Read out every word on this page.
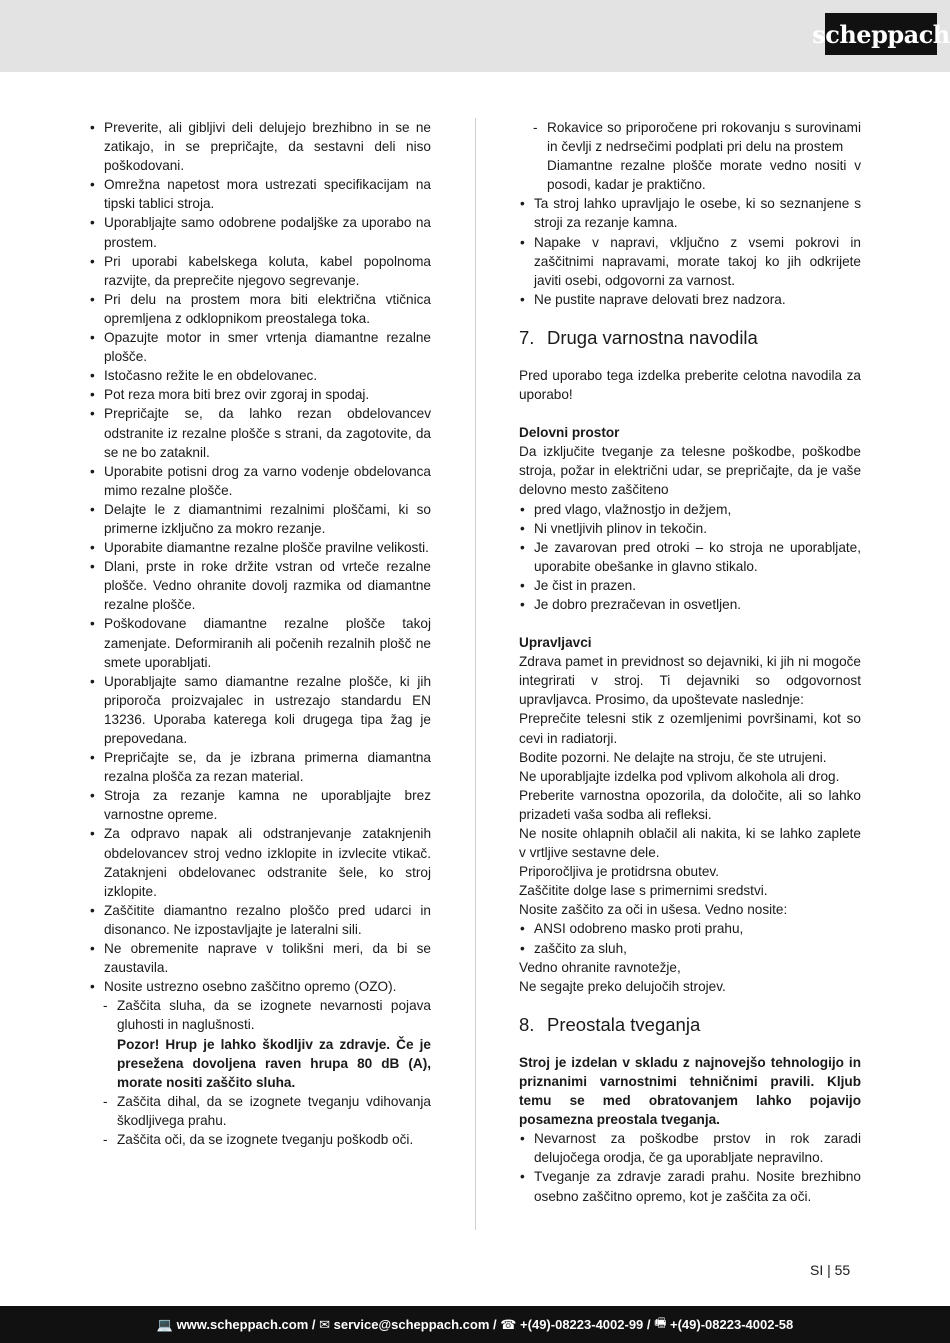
scheppach
• Preverite, ali gibljivi deli delujejo brezhibno in se ne zatikajo, in se prepričajte, da sestavni deli niso poškodovani.
• Omrežna napetost mora ustrezati specifikacijam na tipski tablici stroja.
• Uporabljajte samo odobrene podaljške za uporabo na prostem.
• Pri uporabi kabelskega koluta, kabel popolnoma razvijte, da preprečite njegovo segrevanje.
• Pri delu na prostem mora biti električna vtičnica opremljena z odklopnikom preostalega toka.
• Opazujte motor in smer vrtenja diamantne rezalne plošče.
• Istočasno režite le en obdelovanec.
• Pot reza mora biti brez ovir zgoraj in spodaj.
• Prepričajte se, da lahko rezan obdelovancev odstranite iz rezalne plošče s strani, da zagotovite, da se ne bo zataknil.
• Uporabite potisni drog za varno vodenje obdelovanca mimo rezalne plošče.
• Delajte le z diamantnimi rezalnimi ploščami, ki so primerne izključno za mokro rezanje.
• Uporabite diamantne rezalne plošče pravilne velikosti.
• Dlani, prste in roke držite vstran od vrteče rezalne plošče. Vedno ohranite dovolj razmika od diamantne rezalne plošče.
• Poškodovane diamantne rezalne plošče takoj zamenjate. Deformiranih ali počenih rezalnih plošč ne smete uporabljati.
• Uporabljajte samo diamantne rezalne plošče, ki jih priporoča proizvajalec in ustrezajo standardu EN 13236. Uporaba katerega koli drugega tipa žag je prepovedana.
• Prepričajte se, da je izbrana primerna diamantna rezalna plošča za rezan material.
• Stroja za rezanje kamna ne uporabljajte brez varnostne opreme.
• Za odpravo napak ali odstranjevanje zataknjenih obdelovancev stroj vedno izklopite in izvlecite vtikač. Zataknjeni obdelovanec odstranite šele, ko stroj izklopite.
• Zaščitite diamantno rezalno ploščo pred udarci in disonanco. Ne izpostavljajte je lateralni sili.
• Ne obremenite naprave v tolikšni meri, da bi se zaustavila.
• Nosite ustrezno osebno zaščitno opremo (OZO).
- Zaščita sluha, da se izognete nevarnosti pojava gluhosti in naglušnosti.
Pozor! Hrup je lahko škodljiv za zdravje. Če je presežena dovoljena raven hrupa 80 dB (A), morate nositi zaščito sluha.
- Zaščita dihal, da se izognete tveganju vdihovanja škodljivega prahu.
- Zaščita oči, da se izognete tveganju poškodb oči.
- Rokavice so priporočene pri rokovanju s surovinami in čevlji z nedrsečimi podplati pri delu na prostem
Diamantne rezalne plošče morate vedno nositi v posodi, kadar je praktično.
• Ta stroj lahko upravljajo le osebe, ki so seznanjene s stroji za rezanje kamna.
• Napake v napravi, vključno z vsemi pokrovi in zaščitnimi napravami, morate takoj ko jih odkrijete javiti osebi, odgovorni za varnost.
• Ne pustite naprave delovati brez nadzora.
7. Druga varnostna navodila

Pred uporabo tega izdelka preberite celotna navodila za uporabo!

Delovni prostor

Da izključite tveganje za telesne poškodbe, poškodbe stroja, požar in električni udar, se prepričajte, da je vaše delovno mesto zaščiteno

• pred vlago, vlažnostjo in dežjem,
• Ni vnetljivih plinov in tekočin.
• Je zavarovan pred otroki – ko stroja ne uporabljate, uporabite obešanke in glavno stikalo.
• Je čist in prazen.
• Je dobro prezračevan in osvetljen.

Upravljavci

Zdrava pamet in previdnost so dejavniki, ki jih ni mogoče integrirati v stroj. Ti dejavniki so odgovornost upravljavca. Prosimo, da upoštevate naslednje:

Preprečite telesni stik z ozemljenimi površinami, kot so cevi in radiatorji.

Bodite pozorni. Ne delajte na stroju, če ste utrujeni.

Ne uporabljajte izdelka pod vplivom alkohola ali drog.

Preberite varnostna opozorila, da določite, ali so lahko prizadeti vaša sodba ali refleksi.

Ne nosite ohlapnih oblačil ali nakita, ki se lahko zaplete v vrtljive sestavne dele.

Priporočljiva je protidrsna obutev.

Zaščitite dolge lase s primernimi sredstvi.

Nosite zaščito za oči in ušesa. Vedno nosite:

• ANSI odobreno masko proti prahu,
• zaščito za sluh,

Vedno ohranite ravnotežje,

Ne segajte preko delujočih strojev.

8. Preostala tveganja

Stroj je izdelan v skladu z najnovejšo tehnologijo in priznanimi varnostnimi tehničnimi pravili. Kljub temu se med obratovanjem lahko pojavijo posamezna preostala tveganja.

• Nevarnost za poškodbe prstov in rok zaradi delujočega orodja, če ga uporabljate nepravilno.
• Tveganje za zdravje zaradi prahu. Nosite brezhibno osebno zaščitno opremo, kot je zaščita za oči.
SI | 55
💻 www.scheppach.com / ✉ service@scheppach.com / ☎ +(49)-08223-4002-99 / 🖷 +(49)-08223-4002-58
